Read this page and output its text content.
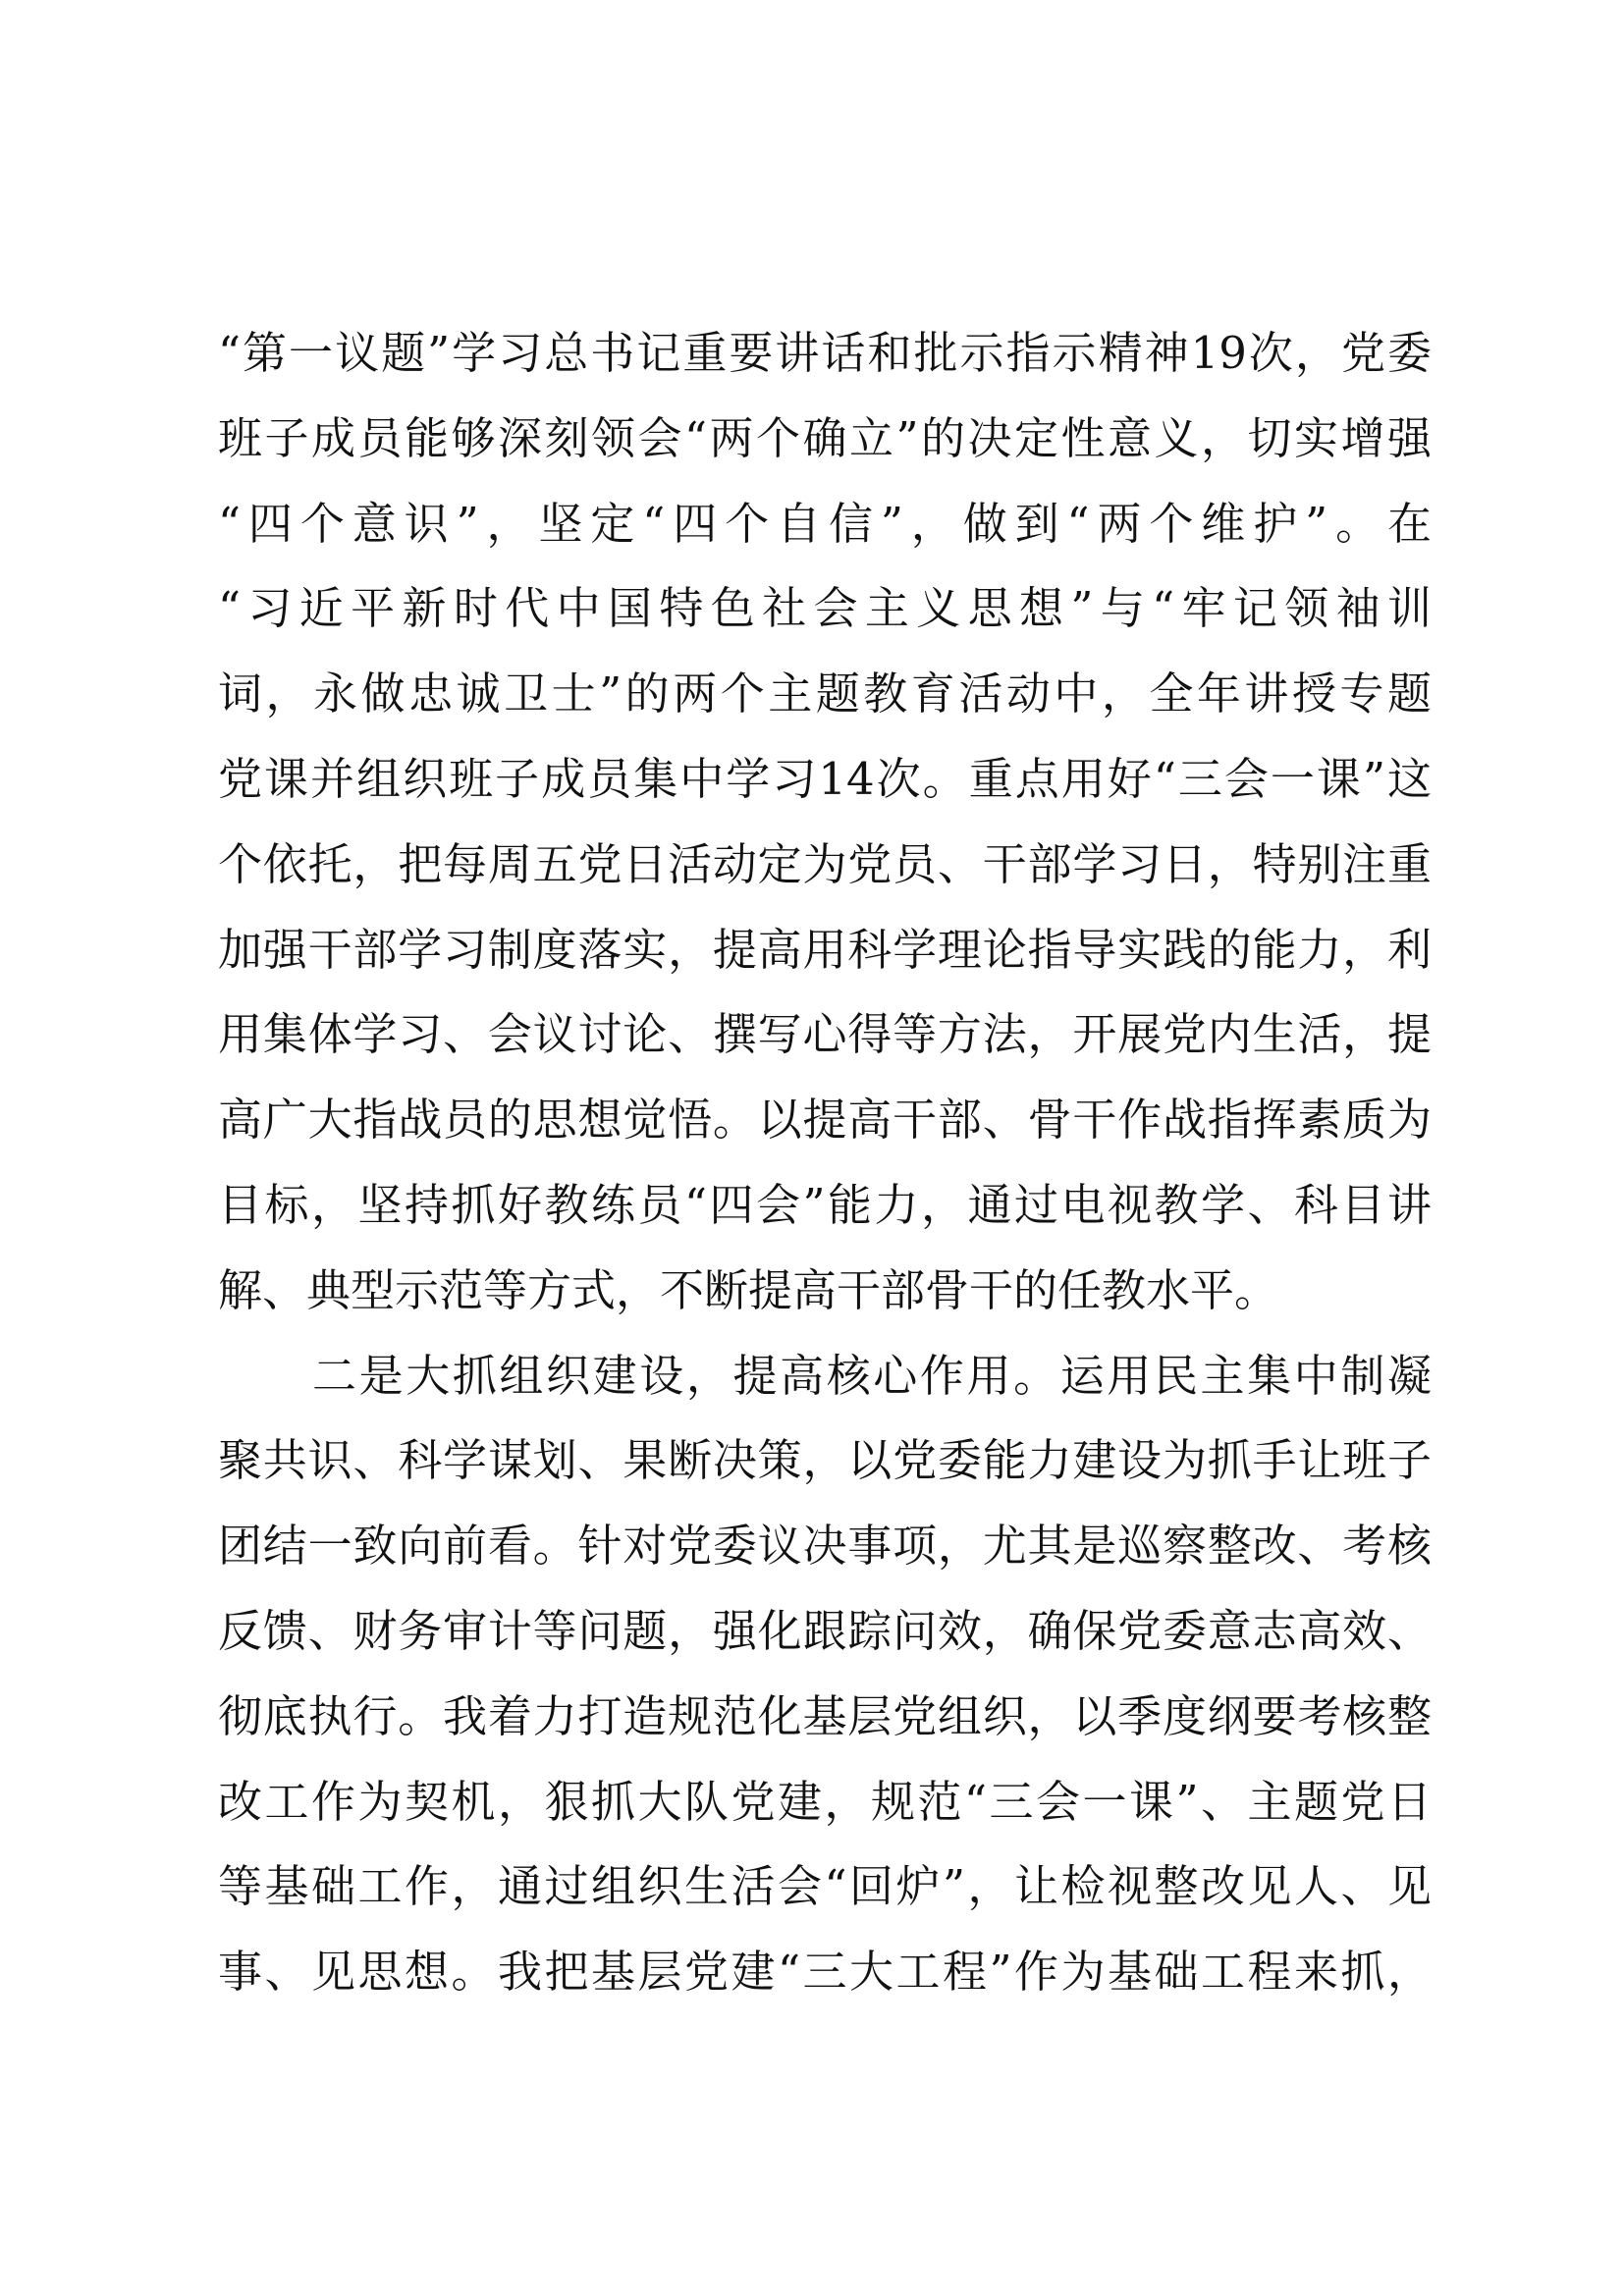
“第一议题”学习总书记重要讲话和批示指示精神19次，党委
班子成员能够深刻领会“两个确立”的决定性意义，切实增强
“四个意识”，坚定“四个自信”，做到“两个维护”。在
“习近平新时代中国特色社会主义思想”与“牢记领袖训
词，永做忠诚卫士”的两个主题教育活动中，全年讲授专题
党课并组织班子成员集中学习14次。重点用好“三会一课”这
个依托，把每周五党日活动定为党员、干部学习日，特别注重
加强干部学习制度落实，提高用科学理论指导实践的能力，利
用集体学习、会议讨论、撰写心得等方法，开展党内生活，提
高广大指战员的思想觉悟。以提高干部、骨干作战指挥素质为
目标，坚持抓好教练员“四会”能力，通过电视教学、科目讲
解、典型示范等方式，不断提高干部骨干的任教水平。
二是大抓组织建设，提高核心作用。运用民主集中制凝
聚共识、科学谋划、果断决策，以党委能力建设为抓手让班子
团结一致向前看。针对党委议决事项，尤其是巡察整改、考核
反馈、财务审计等问题，强化跟踪问效，确保党委意志高效、
彻底执行。我着力打造规范化基层党组织，以季度纲要考核整
改工作为契机，狠抓大队党建，规范“三会一课”、主题党日
等基础工作，通过组织生活会“回炉”，让检视整改见人、见
事、见思想。我把基层党建“三大工程”作为基础工程来抓，
